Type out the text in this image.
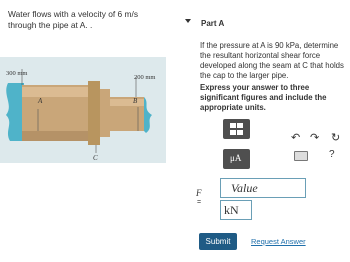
Water flows with a velocity of 6 m/s
through the pipe at A. .
A	B
C
300 mm
200 mm
Part A
If the pressure at A is 90 kPa, determine the resultant horizontal shear force developed along the seam at C that holds the cap to the larger pipe.
Express your answer to three significant figures and include the appropriate units.
μA
↶ ↷ ↻
?
F
=
Value
kN
Submit	Request Answer
